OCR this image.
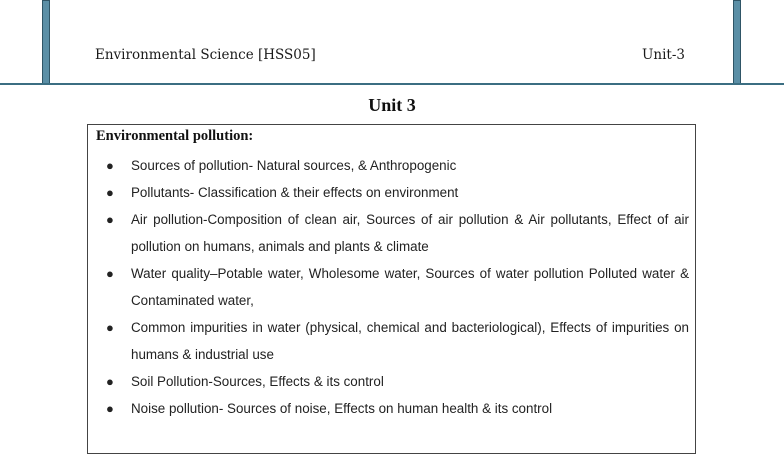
Environmental Science [HSS05]	Unit-3
Unit 3
Environmental pollution:
● Sources of pollution- Natural sources, & Anthropogenic
● Pollutants- Classification & their effects on environment
● Air pollution-Composition of clean air, Sources of air pollution & Air pollutants, Effect of air pollution on humans, animals and plants & climate
● Water quality–Potable water, Wholesome water, Sources of water pollution Polluted water & Contaminated water,
● Common impurities in water (physical, chemical and bacteriological), Effects of impurities on humans & industrial use
● Soil Pollution-Sources, Effects & its control
● Noise pollution- Sources of noise, Effects on human health & its control
